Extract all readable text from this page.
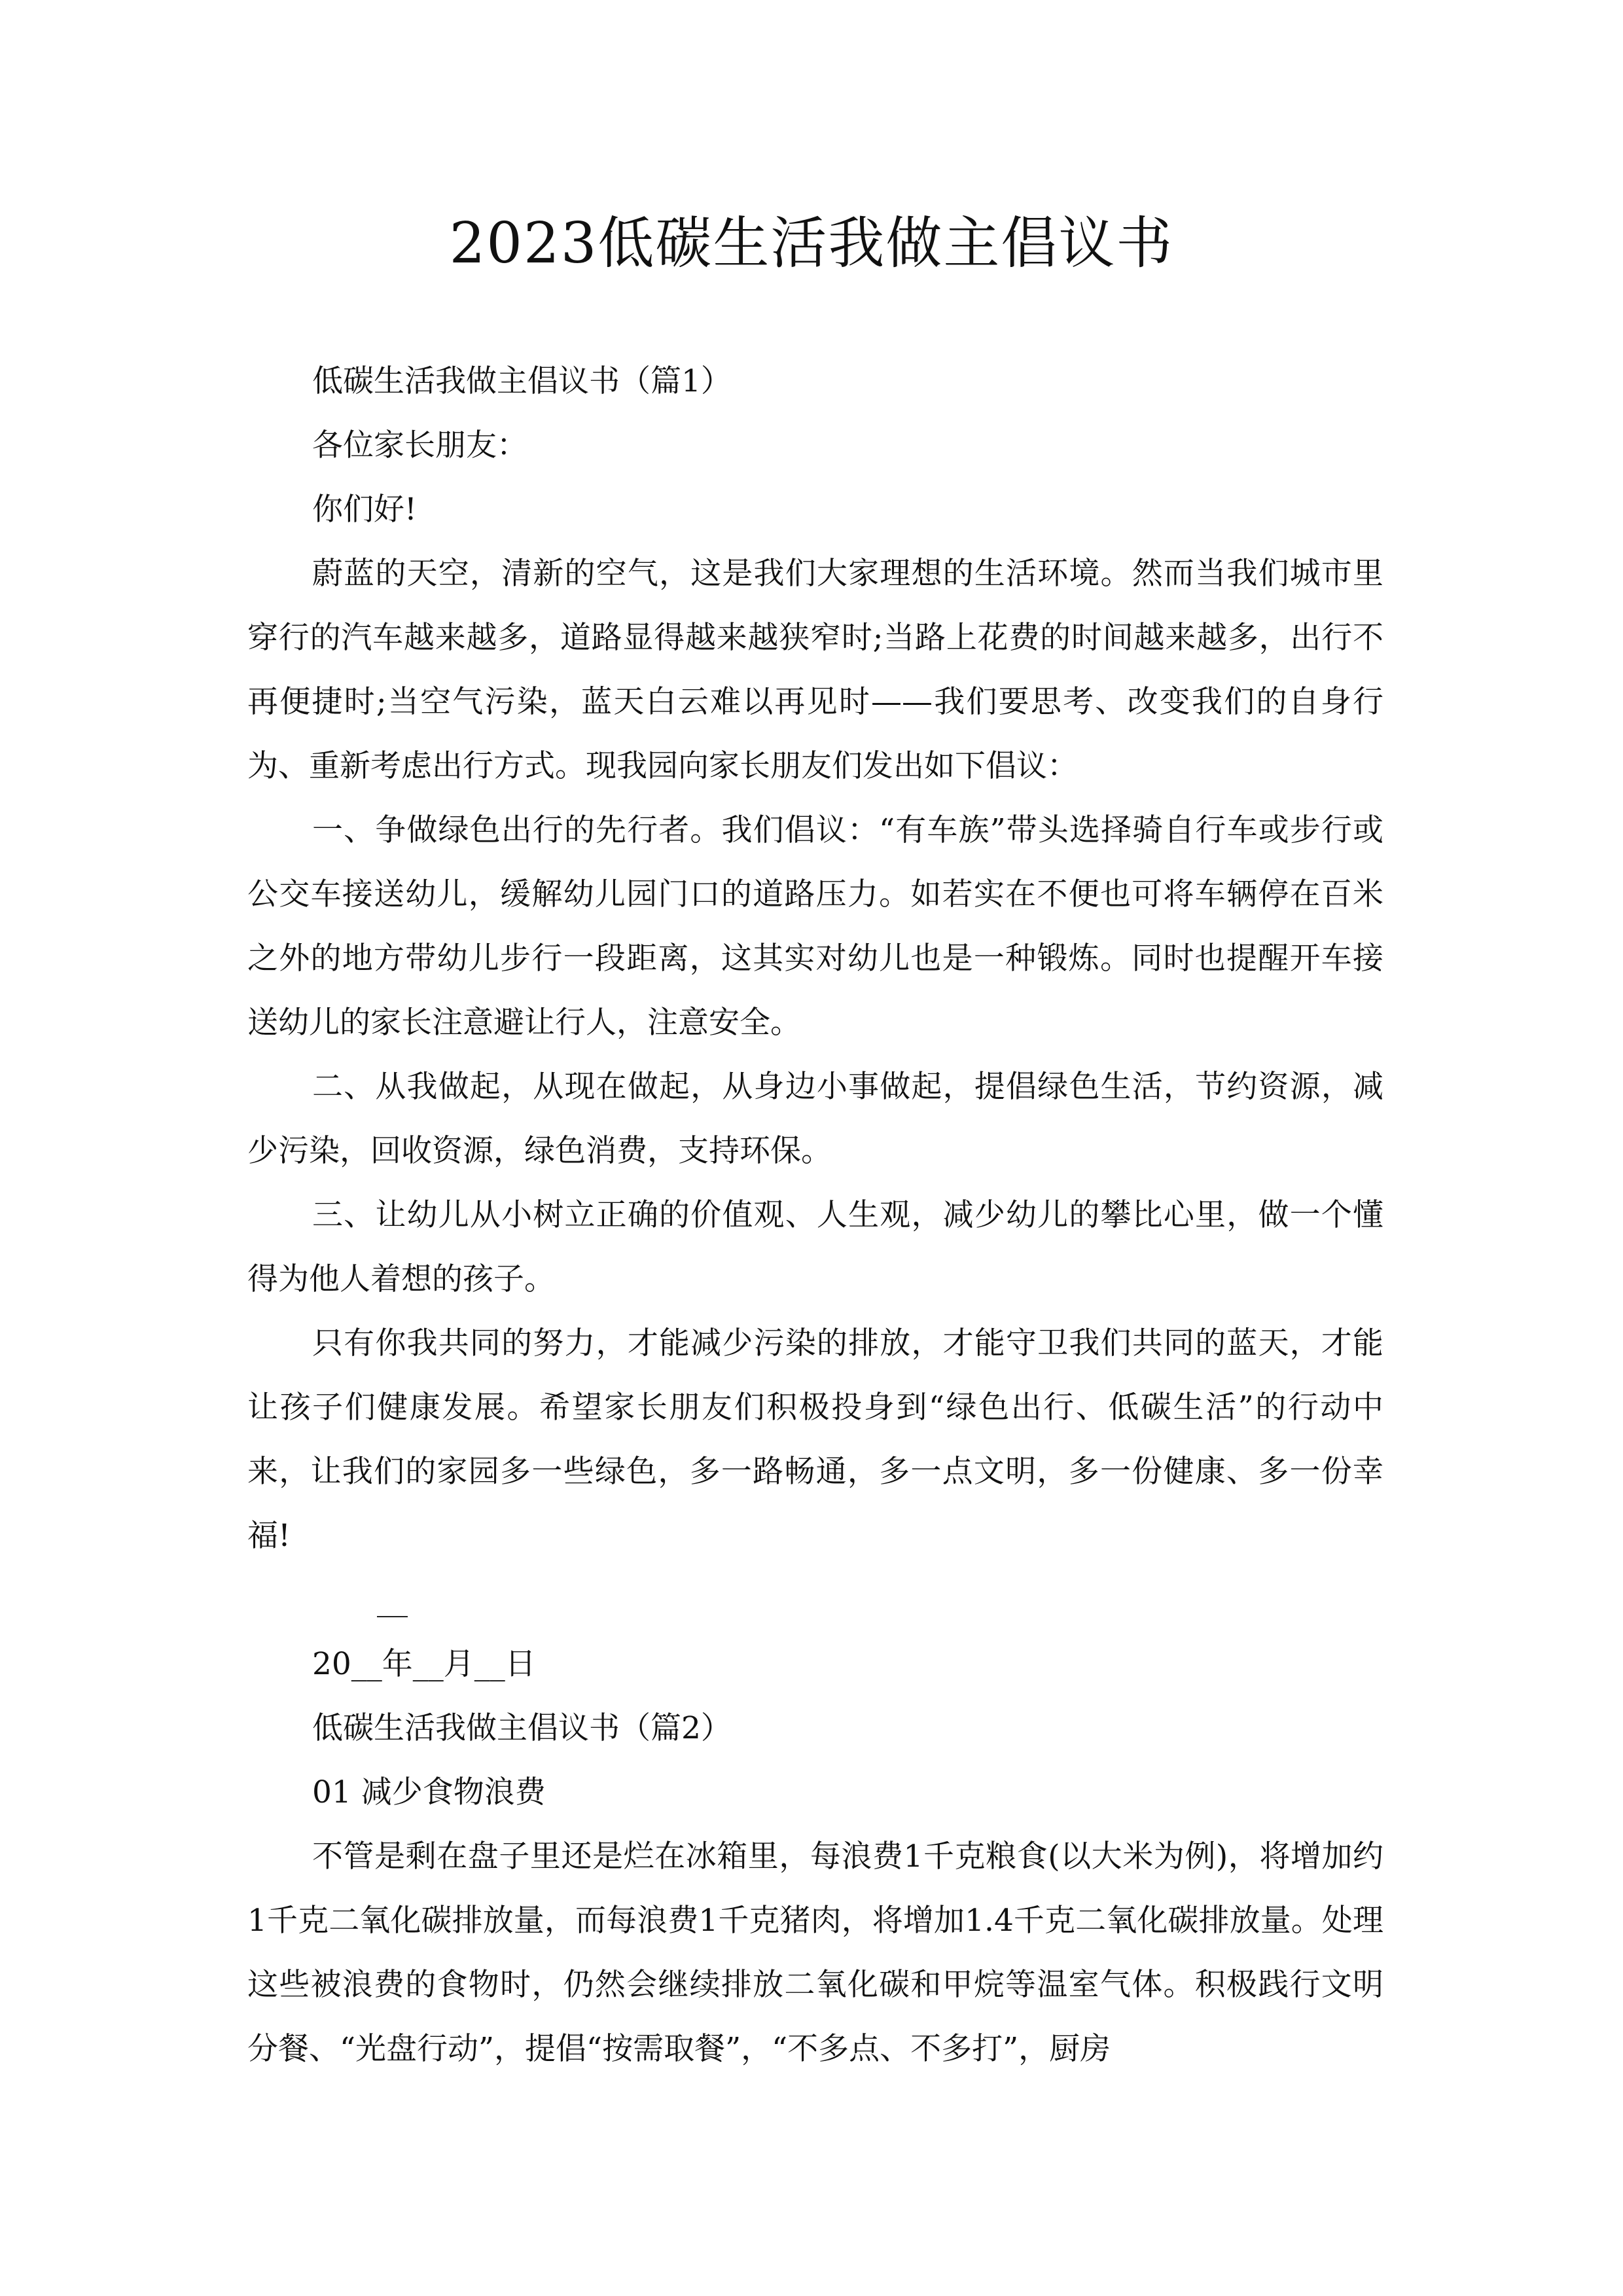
2023低碳生活我做主倡议书

低碳生活我做主倡议书（篇1）

各位家长朋友：

你们好!

蔚蓝的天空，清新的空气，这是我们大家理想的生活环境。然而当我们城市里穿行的汽车越来越多，道路显得越来越狭窄时;当路上花费的时间越来越多，出行不再便捷时;当空气污染，蓝天白云难以再见时——我们要思考、改变我们的自身行为、重新考虑出行方式。现我园向家长朋友们发出如下倡议：

一、争做绿色出行的先行者。我们倡议：“有车族”带头选择骑自行车或步行或公交车接送幼儿，缓解幼儿园门口的道路压力。如若实在不便也可将车辆停在百米之外的地方带幼儿步行一段距离，这其实对幼儿也是一种锻炼。同时也提醒开车接送幼儿的家长注意避让行人，注意安全。

二、从我做起，从现在做起，从身边小事做起，提倡绿色生活，节约资源，减少污染，回收资源，绿色消费，支持环保。

三、让幼儿从小树立正确的价值观、人生观，减少幼儿的攀比心里，做一个懂得为他人着想的孩子。

只有你我共同的努力，才能减少污染的排放，才能守卫我们共同的蓝天，才能让孩子们健康发展。希望家长朋友们积极投身到“绿色出行、低碳生活”的行动中来，让我们的家园多一些绿色，多一路畅通，多一点文明，多一份健康、多一份幸福!

__

20__年__月__日

低碳生活我做主倡议书（篇2）

01 减少食物浪费

不管是剩在盘子里还是烂在冰箱里，每浪费1千克粮食(以大米为例)，将增加约1千克二氧化碳排放量，而每浪费1千克猪肉，将增加1.4千克二氧化碳排放量。处理这些被浪费的食物时，仍然会继续排放二氧化碳和甲烷等温室气体。积极践行文明分餐、“光盘行动”，提倡“按需取餐”，“不多点、不多打”，厨房
